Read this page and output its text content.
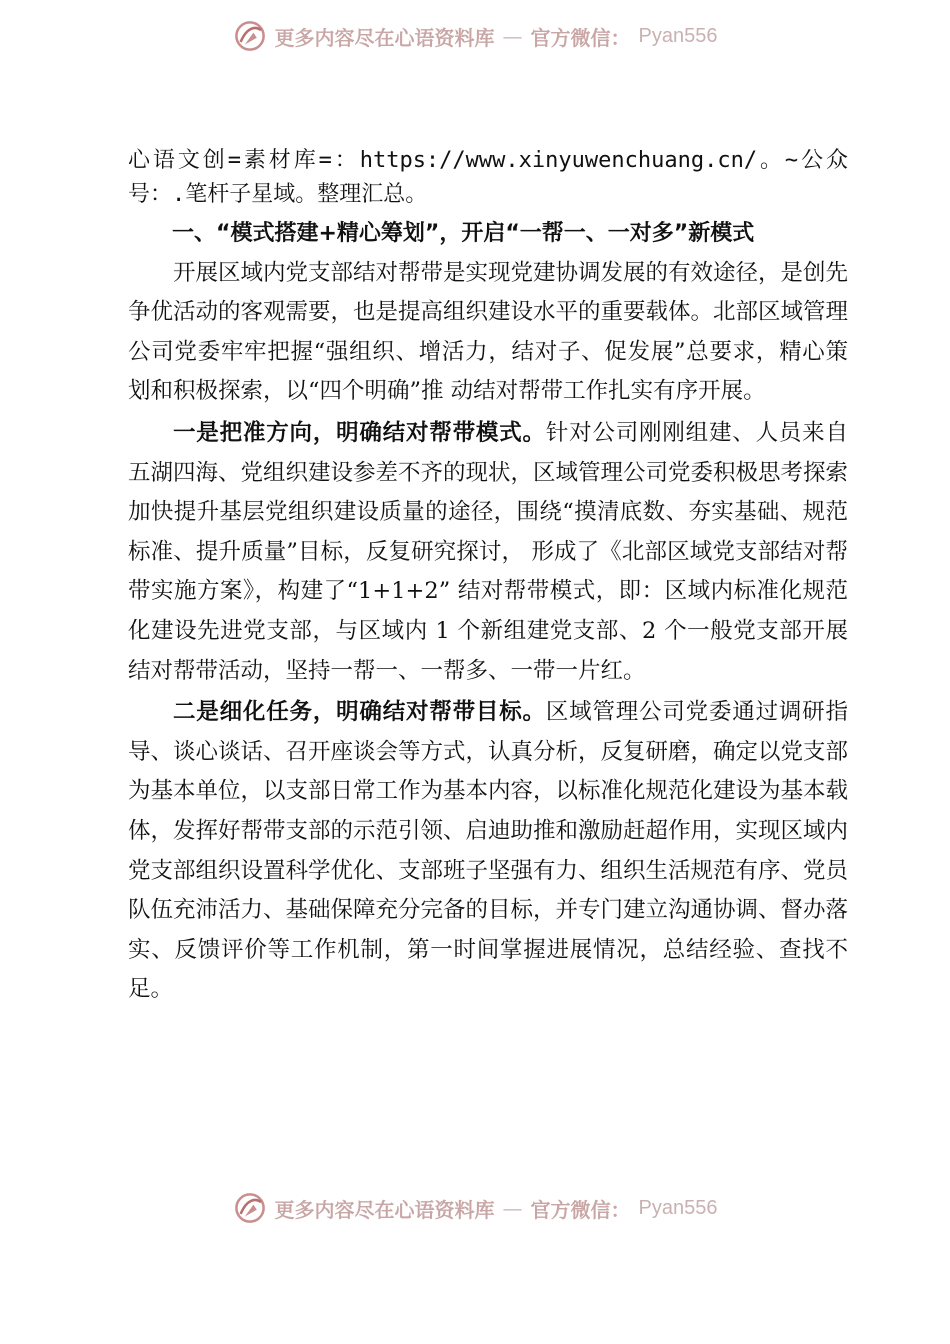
更多内容尽在心语资料库 — 官方微信： Pyan556

心语文创=素材库=：https://www.xinyuwenchuang.cn/。~公众号：.笔杆子星域。整理汇总。

一、“模式搭建+精心筹划”，开启“一帮一、一对多”新模式

开展区域内党支部结对帮带是实现党建协调发展的有效途径，是创先争优活动的客观需要，也是提高组织建设水平的重要载体。北部区域管理公司党委牢牢把握“强组织、增活力，结对子、促发展”总要求，精心策划和积极探索，以“四个明确”推 动结对帮带工作扎实有序开展。

一是把准方向，明确结对帮带模式。针对公司刚刚组建、人员来自五湖四海、党组织建设参差不齐的现状，区域管理公司党委积极思考探索加快提升基层党组织建设质量的途径，围绕“摸清底数、夯实基础、规范标准、提升质量”目标，反复研究探讨， 形成了《北部区域党支部结对帮带实施方案》，构建了“1+1+2” 结对帮带模式，即：区域内标准化规范化建设先进党支部，与区域内 1 个新组建党支部、2 个一般党支部开展结对帮带活动，坚持一帮一、一帮多、一带一片红。

二是细化任务，明确结对帮带目标。区域管理公司党委通过调研指导、谈心谈话、召开座谈会等方式，认真分析，反复研磨，确定以党支部为基本单位，以支部日常工作为基本内容，以标准化规范化建设为基本载体，发挥好帮带支部的示范引领、启迪助推和激励赶超作用，实现区域内党支部组织设置科学优化、支部班子坚强有力、组织生活规范有序、党员队伍充沛活力、基础保障充分完备的目标，并专门建立沟通协调、督办落实、反馈评价等工作机制，第一时间掌握进展情况，总结经验、查找不足。

更多内容尽在心语资料库 — 官方微信： Pyan556
